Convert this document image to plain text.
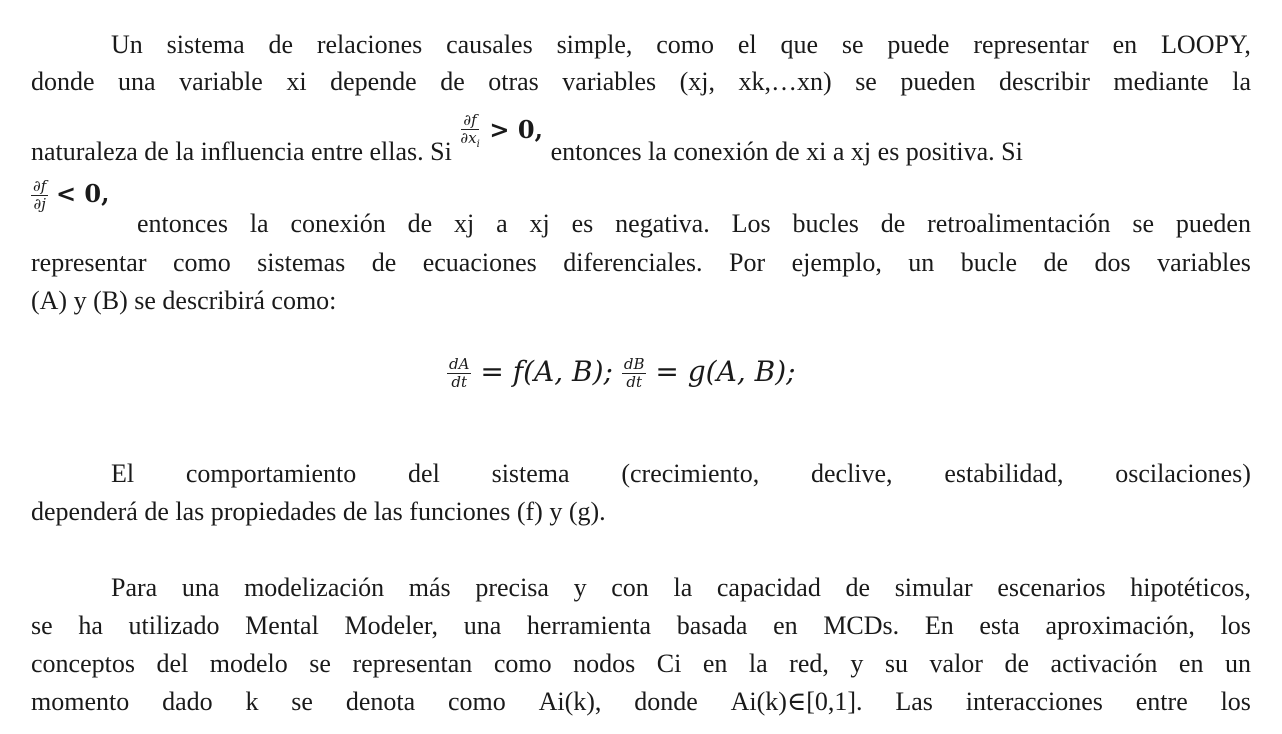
Un sistema de relaciones causales simple, como el que se puede representar en LOOPY,
donde una variable xi depende de otras variables (xj, xk,…xn) se pueden describir mediante la
naturaleza de la influencia entre ellas. Si
$\frac{\partial f}{\partial x_i} > 0$, entonces la conexión de xi a xj es positiva. Si
$\frac{\partial f}{\partial j} < 0$,
entonces la conexión de xj a xj es negativa. Los bucles de retroalimentación se pueden
representar como sistemas de ecuaciones diferenciales. Por ejemplo, un bucle de dos variables
(A) y (B) se describirá como:
$\frac{dA}{dt} = f(A$, B); $\frac{dB}{dt} = g(A$, B);
El comportamiento del sistema (crecimiento, declive, estabilidad, oscilaciones)
dependerá de las propiedades de las funciones (f) y (g).
Para una modelización más precisa y con la capacidad de simular escenarios hipotéticos,
se ha utilizado Mental Modeler, una herramienta basada en MCDs. En esta aproximación, los
conceptos del modelo se representan como nodos Ci en la red, y su valor de activación en un
momento dado k se denota como Ai(k), donde Ai(k)∈[0,1]. Las interacciones entre los
